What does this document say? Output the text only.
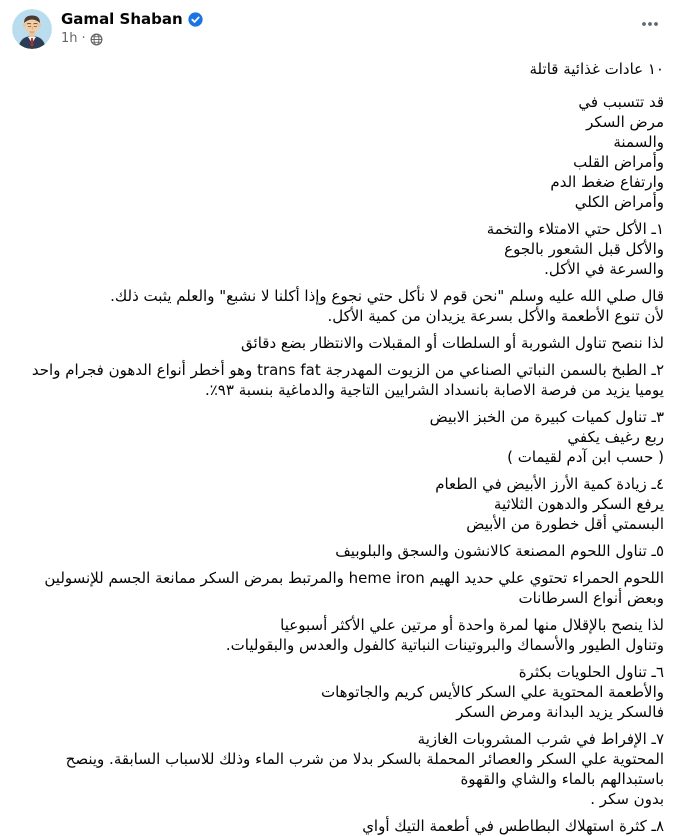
Gamal Shaban
1h ·
١٠ عادات غذائية قاتلة

قد تتسبب في
مرض السكر
والسمنة
وأمراض القلب
وارتفاع ضغط الدم
وأمراض الكلي

١ـ الأكل حتي الامتلاء والتخمة
والأكل قبل الشعور بالجوع
والسرعة في الأكل.

قال صلي الله عليه وسلم "نحن قوم لا نأكل حتي نجوع وإذا أكلنا لا نشبع" والعلم يثبت ذلك.
لأن تنوع الأطعمة والأكل بسرعة يزيدان من كمية الأكل.

لذا ننصح تناول الشوربة أو السلطات أو المقبلات والانتظار بضع دقائق

٢ـ الطبخ بالسمن النباتي الصناعي من الزيوت المهدرجة trans fat وهو أخطر أنواع الدهون فجرام واحد يوميا يزيد من فرصة الاصابة بانسداد الشرايين التاجية والدماغية بنسبة ٩٣٪.

٣ـ تناول كميات كبيرة من الخبز الابيض
ربع رغيف يكفي
( حسب ابن آدم لقيمات )

٤ـ زيادة كمية الأرز الأبيض في الطعام
يرفع السكر والدهون الثلاثية
البسمتي أقل خطورة من الأبيض

٥ـ تناول اللحوم المصنعة كالانشون والسجق والبلوبيف

اللحوم الحمراء تحتوي علي حديد الهيم heme iron والمرتبط بمرض السكر ممانعة الجسم للإنسولين وبعض أنواع السرطانات

لذا ينصح بالإقلال منها لمرة واحدة أو مرتين علي الأكثر أسبوعيا
وتناول الطيور والأسماك والبروتينات النباتية كالفول والعدس والبقوليات.

٦ـ تناول الحلويات بكثرة
والأطعمة المحتوية علي السكر كالأيس كريم والجاتوهات
فالسكر يزيد البدانة ومرض السكر

٧ـ الإفراط في شرب المشروبات الغازية
المحتوية علي السكر والعصائر المحملة بالسكر بدلا من شرب الماء وذلك للاسباب السابقة. وينصح باستبدالهم بالماء والشاي والقهوة
بدون سكر .

٨ـ كثرة استهلاك البطاطس في أطعمة التيك أواي
